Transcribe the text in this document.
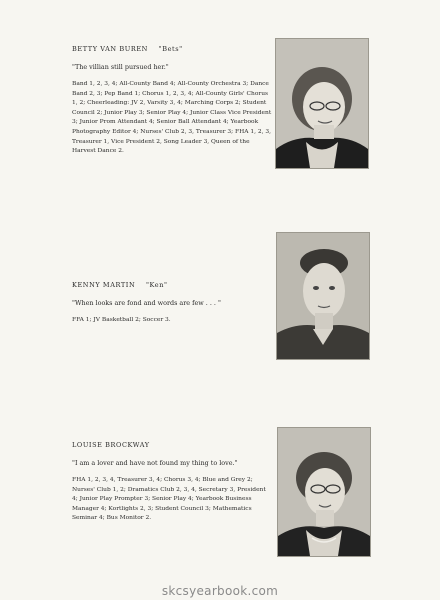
BETTY VAN BUREN "Bets"

"The villian still pursued her."
Band 1, 2, 3, 4; All-County Band 4; All-County Orchestra 3; Dance Band 2, 3; Pep Band 1; Chorus 1, 2, 3, 4; All-County Girls' Chorus 1, 2; Cheerleading: JV 2, Varsity 3, 4; Marching Corps 2; Student Council 2; Junior Play 3; Senior Play 4; Junior Class Vice President 3; Junior Prom Attendant 4; Senior Ball Attendant 4; Yearbook Photography Editor 4; Nurses' Club 2, 3, Treasurer 3; FHA 1, 2, 3, Treasurer 1, Vice President 2, Song Leader 3, Queen of the Harvest Dance 2.

KENNY MARTIN "Ken"

"When looks are fond and words are few . . . "
FFA 1; JV Basketball 2; Soccer 3.

LOUISE BROCKWAY

"I am a lover and have not found my thing to love."
FHA 1, 2, 3, 4, Treasurer 3, 4; Chorus 3, 4; Blue and Grey 2; Nurses' Club 1, 2; Dramatics Club 2, 3, 4, Secretary 3, President 4; Junior Play Prompter 3; Senior Play 4; Yearbook Business Manager 4; Kortlights 2, 3; Student Council 3; Mathematics Seminar 4; Bus Monitor 2.
skcsyearbook.com
